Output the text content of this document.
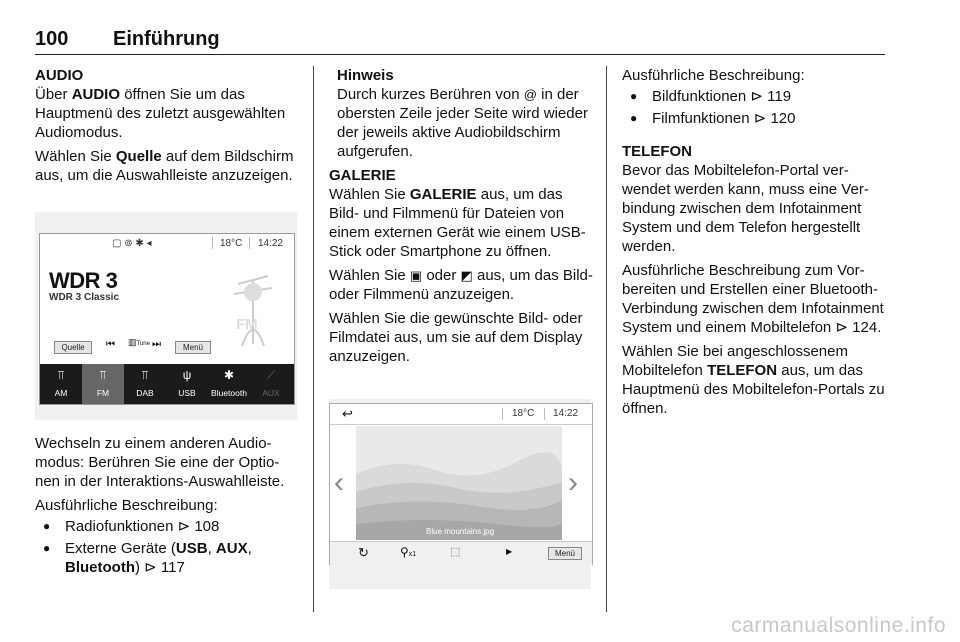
100 Einführung

AUDIO

Über AUDIO öffnen Sie um das Hauptmenü des zuletzt ausgewählten Audiomodus.

Wählen Sie Quelle auf dem Bildschirm aus, um die Auswahlleiste anzuzeigen.

▢ ⊚ ✱ ◂	18°C 14:22
WDR 3
WDR 3 Classic
FM
Quelle	⏮ ▥Tune ⏭	Menü
⫪
AM
⫪
FM
⫪
DAB
ψ
USB
✱
Bluetooth
⟋
AUX

Wechseln zu einem anderen Audiomodus: Berühren Sie eine der Optionen in der Interaktions-Auswahlleiste.

Ausführliche Beschreibung:

● Radiofunktionen ⊳ 108
● Externe Geräte (USB, AUX,
Bluetooth) ⊳ 117

Hinweis

Durch kurzes Berühren von @ in der obersten Zeile jeder Seite wird wieder der jeweils aktive Audiobildschirm aufgerufen.

GALERIE

Wählen Sie GALERIE aus, um das Bild- und Filmmenü für Dateien von einem externen Gerät wie einem USB-Stick oder Smartphone zu öffnen.

Wählen Sie ▣ oder ◩ aus, um das Bild- oder Filmmenü anzuzeigen.

Wählen Sie die gewünschte Bild- oder Filmdatei aus, um sie auf dem Display anzuzeigen.

↩	18°C 14:22
Blue mountains.jpg
‹	›
↻	⚲x1	⬚	▶	Menü

Ausführliche Beschreibung:

● Bildfunktionen ⊳ 119
● Filmfunktionen ⊳ 120

TELEFON

Bevor das Mobiltelefon-Portal verwendet werden kann, muss eine Verbindung zwischen dem Infotainment System und dem Telefon hergestellt werden.

Ausführliche Beschreibung zum Vorbereiten und Erstellen einer Bluetooth-Verbindung zwischen dem Infotainment System und einem Mobiltelefon ⊳ 124.

Wählen Sie bei angeschlossenem Mobiltelefon TELEFON aus, um das Hauptmenü des Mobiltelefon-Portals zu öffnen.

carmanualsonline.info
